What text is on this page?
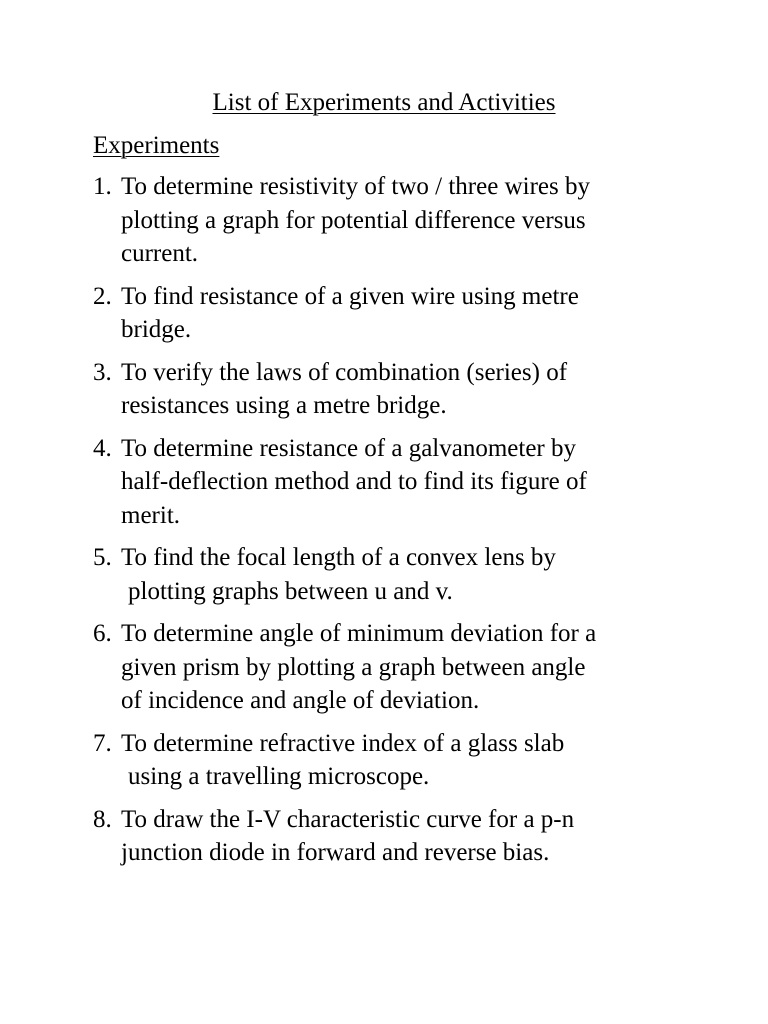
List of Experiments and Activities
Experiments
1. To determine resistivity of two / three wires by
plotting a graph for potential difference versus
current.
2. To find resistance of a given wire using metre
bridge.
3. To verify the laws of combination (series) of
resistances using a metre bridge.
4. To determine resistance of a galvanometer by
half-deflection method and to find its figure of
merit.
5. To find the focal length of a convex lens by
plotting graphs between u and v.
6. To determine angle of minimum deviation for a
given prism by plotting a graph between angle
of incidence and angle of deviation.
7. To determine refractive index of a glass slab
using a travelling microscope.
8. To draw the I-V characteristic curve for a p-n
junction diode in forward and reverse bias.
